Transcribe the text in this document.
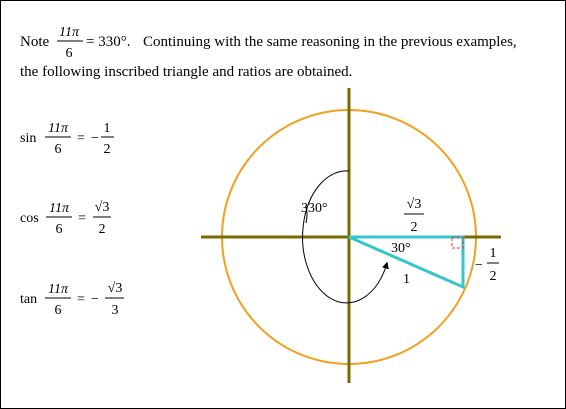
Note
11π
6
= 330°. Continuing with the same reasoning in the previous examples,
the following inscribed triangle and ratios are obtained.
sin
11π
6
= −
1
2
cos
11π
6
=
√3
2
tan
11π
6
= −
√3
3
330°
30°
1
√3
2
−
1
2
